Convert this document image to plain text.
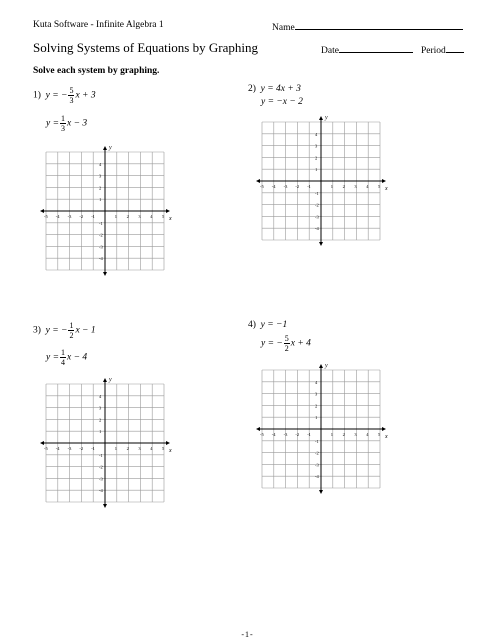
Kuta Software - Infinite Algebra 1	Name
Solving Systems of Equations by Graphing	Date	Period
Solve each system by graphing.
1) y = − $\frac{5}{3}$ x + 3
$y = \frac{1}{3}$ x − 3
2) y = 4x + 3
y = −x − 2
3) y = − $\frac{1}{2}$ x − 1
$y = \frac{1}{4}$ x − 4
4) y = −1
y = − $\frac{5}{2}$ x + 4
x
y
-5 -4 -3 -2 -1	1 2 3 4 5
4
3
2
1
-1
-2
-3
-4
x
y
-5 -4 -3 -2 -1	1 2 3 4 5
4
3
2
1
-1
-2
-3
-4
x
y
-5 -4 -3 -2 -1	1 2 3 4 5
4
3
2
1
-1
-2
-3
-4
x
y
-5 -4 -3 -2 -1	1 2 3 4 5
4
3
2
1
-1
-2
-3
-4
-1-
